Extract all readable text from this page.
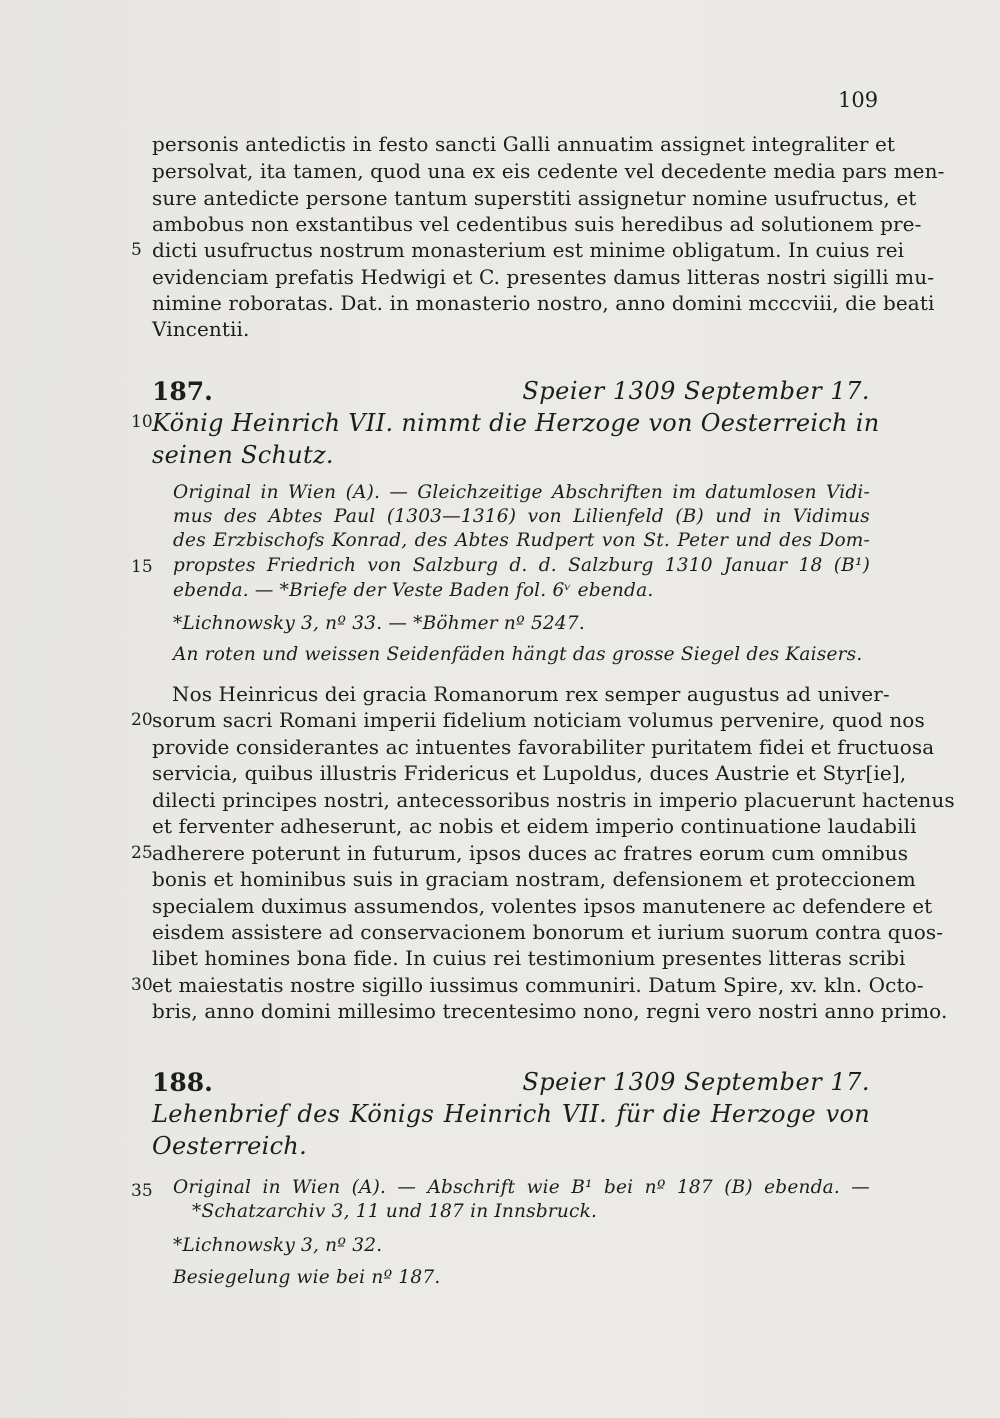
109
personis antedictis in festo sancti Galli annuatim assignet integraliter et
persolvat, ita tamen, quod una ex eis cedente vel decedente media pars men-
sure antedicte persone tantum superstiti assignetur nomine usufructus, et
ambobus non exstantibus vel cedentibus suis heredibus ad solutionem pre-
5 dicti usufructus nostrum monasterium est minime obligatum. In cuius rei
evidenciam prefatis Hedwigi et C. presentes damus litteras nostri sigilli mu-
nimine roboratas. Dat. in monasterio nostro, anno domini mcccviii, die beati
Vincentii.
187.	Speier 1309 September 17.
10 König Heinrich VII. nimmt die Herzoge von Oesterreich in
seinen Schutz.
Original in Wien (A). — Gleichzeitige Abschriften im datumlosen Vidi-
mus des Abtes Paul (1303—1316) von Lilienfeld (B) und in Vidimus
des Erzbischofs Konrad, des Abtes Rudpert von St. Peter und des Dom-
15 propstes Friedrich von Salzburg d. d. Salzburg 1310 Januar 18 (B¹)
ebenda. — *Briefe der Veste Baden fol. 6ᵛ ebenda.
*Lichnowsky 3, nº 33. — *Böhmer nº 5247.
An roten und weissen Seidenfäden hängt das grosse Siegel des Kaisers.
Nos Heinricus dei gracia Romanorum rex semper augustus ad univer-
20 sorum sacri Romani imperii fidelium noticiam volumus pervenire, quod nos
provide considerantes ac intuentes favorabiliter puritatem fidei et fructuosa
servicia, quibus illustris Fridericus et Lupoldus, duces Austrie et Styr[ie],
dilecti principes nostri, antecessoribus nostris in imperio placuerunt hactenus
et ferventer adheserunt, ac nobis et eidem imperio continuatione laudabili
25 adherere poterunt in futurum, ipsos duces ac fratres eorum cum omnibus
bonis et hominibus suis in graciam nostram, defensionem et proteccionem
specialem duximus assumendos, volentes ipsos manutenere ac defendere et
eisdem assistere ad conservacionem bonorum et iurium suorum contra quos-
libet homines bona fide. In cuius rei testimonium presentes litteras scribi
30 et maiestatis nostre sigillo iussimus communiri. Datum Spire, xv. kln. Octo-
bris, anno domini millesimo trecentesimo nono, regni vero nostri anno primo.
188.	Speier 1309 September 17.
Lehenbrief des Königs Heinrich VII. für die Herzoge von
Oesterreich.
35 Original in Wien (A). — Abschrift wie B¹ bei nº 187 (B) ebenda. —
*Schatzarchiv 3, 11 und 187 in Innsbruck.
*Lichnowsky 3, nº 32.
Besiegelung wie bei nº 187.
